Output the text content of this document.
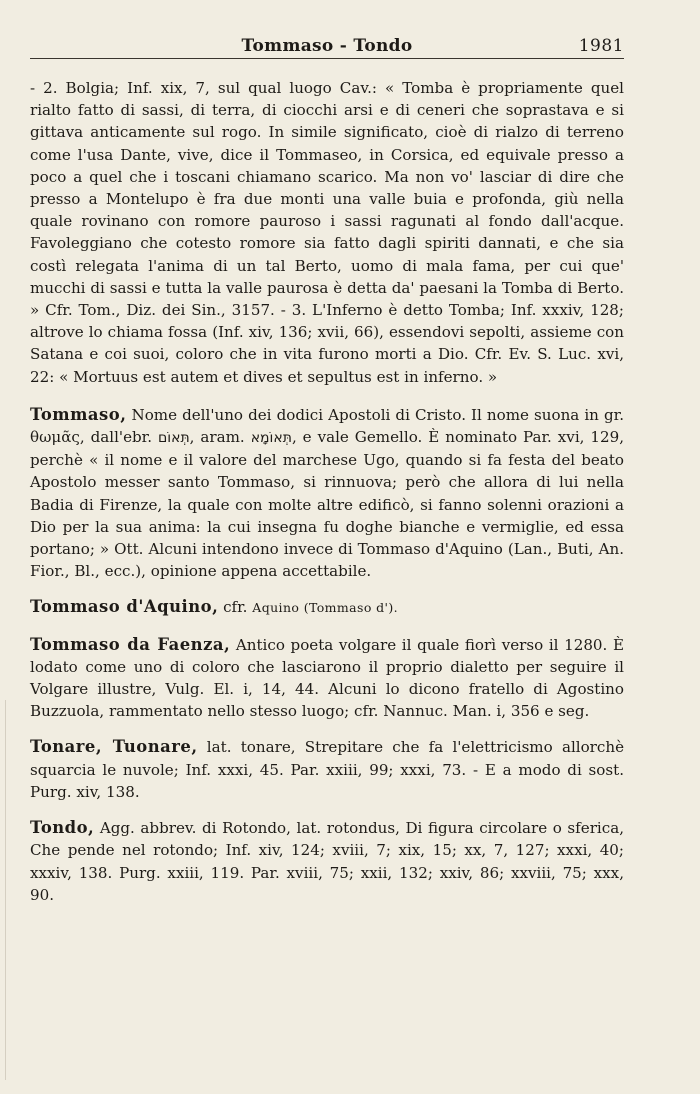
Tommaso - Tondo	1981

- 2. Bolgia; Inf. xix, 7, sul qual luogo Cav.: « Tomba è propriamente quel rialto fatto di sassi, di terra, di ciocchi arsi e di ceneri che soprastava e si gittava anticamente sul rogo. In simile significato, cioè di rialzo di terreno come l'usa Dante, vive, dice il Tommaseo, in Corsica, ed equivale presso a poco a quel che i toscani chiamano scarico. Ma non vo' lasciar di dire che presso a Montelupo è fra due monti una valle buia e profonda, giù nella quale rovinano con romore pauroso i sassi ragunati al fondo dall'acque. Favoleggiano che cotesto romore sia fatto dagli spiriti dannati, e che sia costì relegata l'anima di un tal Berto, uomo di mala fama, per cui que' mucchi di sassi e tutta la valle paurosa è detta da' paesani la Tomba di Berto. » Cfr. Tom., Diz. dei Sin., 3157. - 3. L'Inferno è detto Tomba; Inf. xxxiv, 128; altrove lo chiama fossa (Inf. xiv, 136; xvii, 66), essendovi sepolti, assieme con Satana e coi suoi, coloro che in vita furono morti a Dio. Cfr. Ev. S. Luc. xvi, 22: « Mortuus est autem et dives et sepultus est in inferno. »

Tommaso, Nome dell'uno dei dodici Apostoli di Cristo. Il nome suona in gr. θωμᾶς, dall'ebr. תְּאוֹם, aram. תְּאוֹמָא, e vale Gemello. È nominato Par. xvi, 129, perchè « il nome e il valore del marchese Ugo, quando si fa festa del beato Apostolo messer santo Tommaso, si rinnuova; però che allora di lui nella Badia di Firenze, la quale con molte altre edificò, si fanno solenni orazioni a Dio per la sua anima: la cui insegna fu doghe bianche e vermiglie, ed essa portano; » Ott. Alcuni intendono invece di Tommaso d'Aquino (Lan., Buti, An. Fior., Bl., ecc.), opinione appena accettabile.

Tommaso d'Aquino, cfr. Aquino (Tommaso d').

Tommaso da Faenza, Antico poeta volgare il quale fiorì verso il 1280. È lodato come uno di coloro che lasciarono il proprio dialetto per seguire il Volgare illustre, Vulg. El. i, 14, 44. Alcuni lo dicono fratello di Agostino Buzzuola, rammentato nello stesso luogo; cfr. Nannuc. Man. i, 356 e seg.

Tonare, Tuonare, lat. tonare, Strepitare che fa l'elettricismo allorchè squarcia le nuvole; Inf. xxxi, 45. Par. xxiii, 99; xxxi, 73. - E a modo di sost. Purg. xiv, 138.

Tondo, Agg. abbrev. di Rotondo, lat. rotondus, Di figura circolare o sferica, Che pende nel rotondo; Inf. xiv, 124; xviii, 7; xix, 15; xx, 7, 127; xxxi, 40; xxxiv, 138. Purg. xxiii, 119. Par. xviii, 75; xxii, 132; xxiv, 86; xxviii, 75; xxx, 90.
